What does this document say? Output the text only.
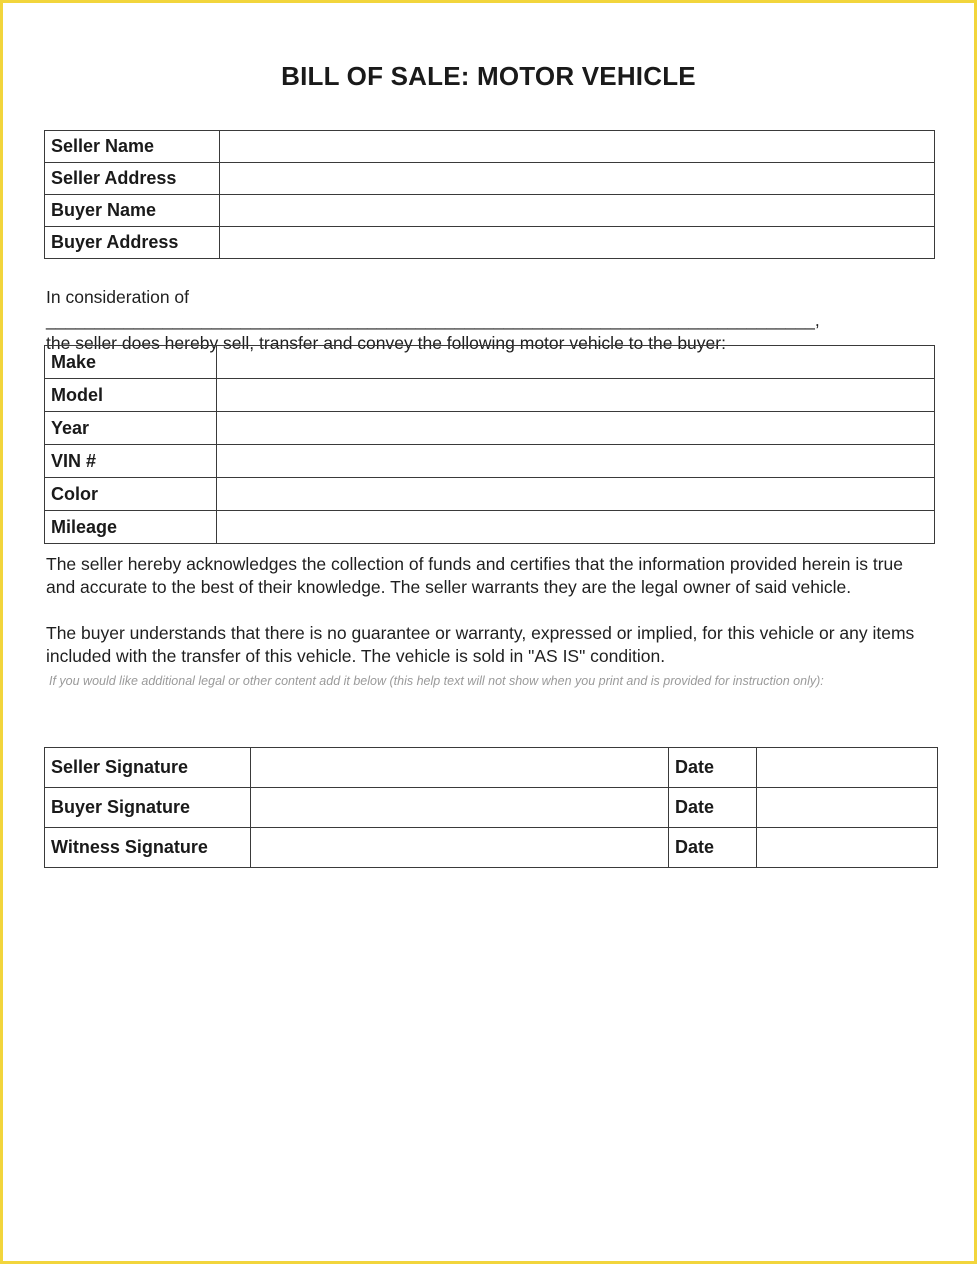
BILL OF SALE: MOTOR VEHICLE
Seller Name	
Seller Address	
Buyer Name	
Buyer Address	
In consideration of _______________________________________________________________________________,
the seller does hereby sell, transfer and convey the following motor vehicle to the buyer:
Make	
Model	
Year	
VIN #	
Color	
Mileage	
The seller hereby acknowledges the collection of funds and certifies that the information provided herein is true
and accurate to the best of their knowledge. The seller warrants they are the legal owner of said vehicle.
The buyer understands that there is no guarantee or warranty, expressed or implied, for this vehicle or any items
included with the transfer of this vehicle. The vehicle is sold in "AS IS" condition.
If you would like additional legal or other content add it below (this help text will not show when you print and is provided for instruction only):
Seller Signature		Date	
Buyer Signature		Date	
Witness Signature		Date	
